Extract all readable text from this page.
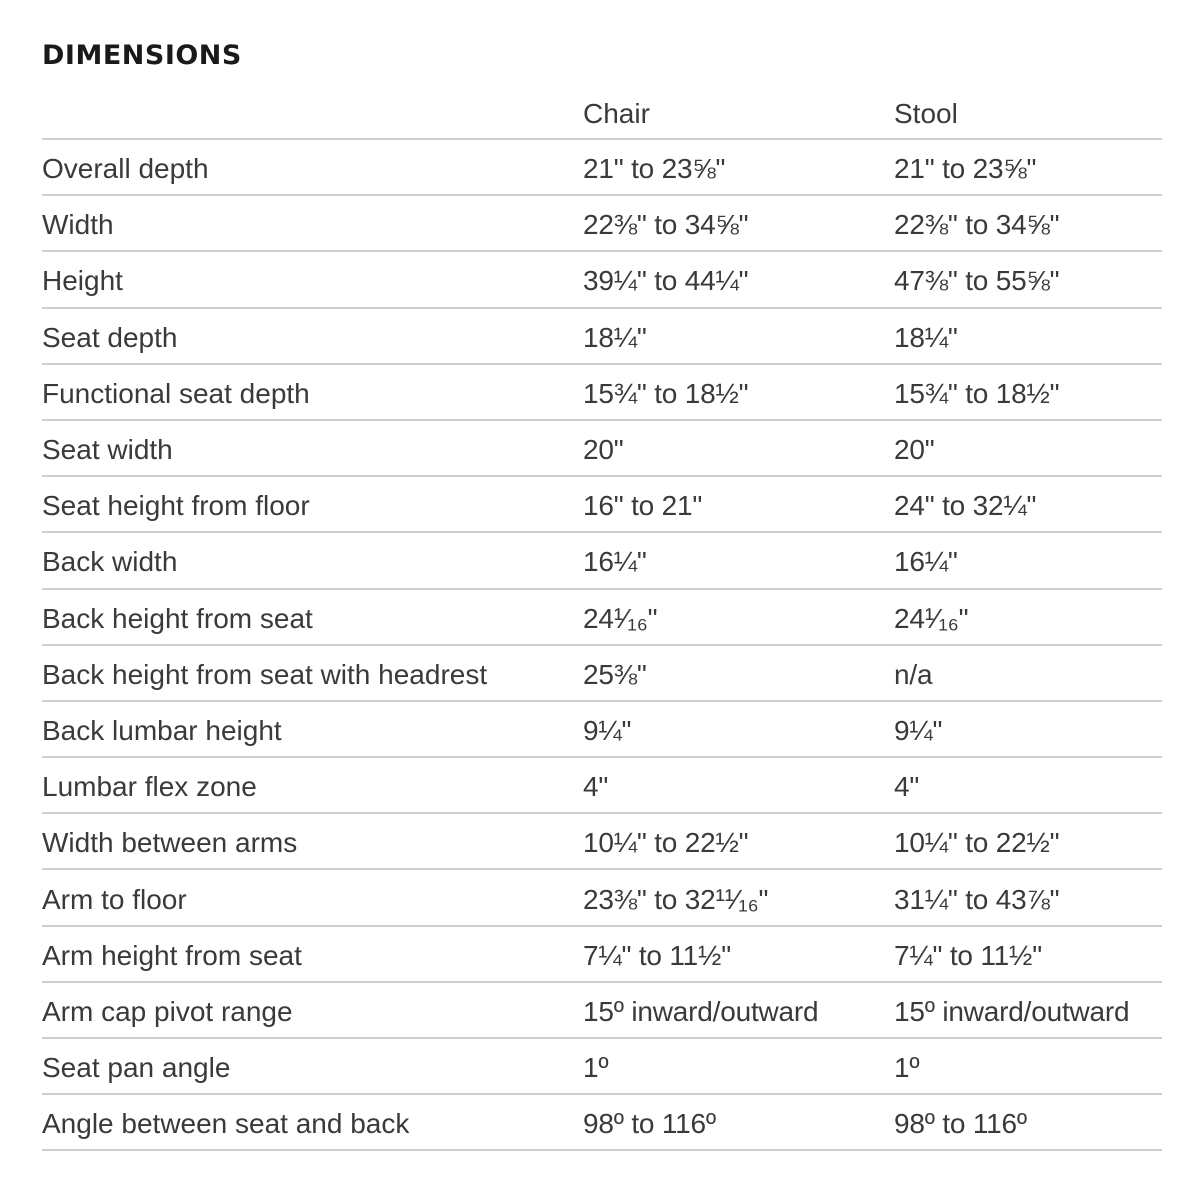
DIMENSIONS
	Chair	Stool
Overall depth	21" to 23⅝"	21" to 23⅝"
Width	22⅜" to 34⅝"	22⅜" to 34⅝"
Height	39¼" to 44¼"	47⅜" to 55⅝"
Seat depth	18¼"	18¼"
Functional seat depth	15¾" to 18½"	15¾" to 18½"
Seat width	20"	20"
Seat height from floor	16" to 21"	24" to 32¼"
Back width	16¼"	16¼"
Back height from seat	24¹⁄₁₆"	24¹⁄₁₆"
Back height from seat with headrest	25⅜"	n/a
Back lumbar height	9¼"	9¼"
Lumbar flex zone	4"	4"
Width between arms	10¼" to 22½"	10¼" to 22½"
Arm to floor	23⅜" to 32¹¹⁄₁₆"	31¼" to 43⅞"
Arm height from seat	7¼" to 11½"	7¼" to 11½"
Arm cap pivot range	15º inward/outward	15º inward/outward
Seat pan angle	1º	1º
Angle between seat and back	98º to 116º	98º to 116º
